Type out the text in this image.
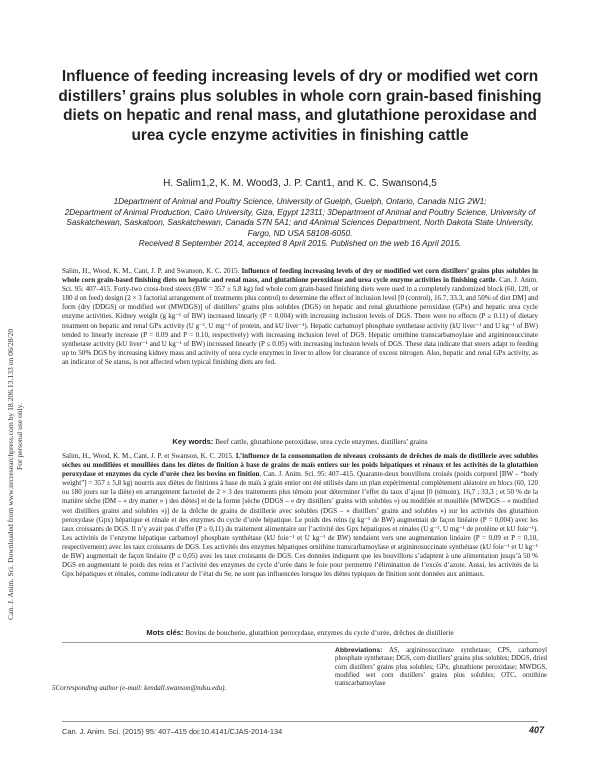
Can. J. Anim. Sci. Downloaded from www.nrcresearchpress.com by 18.206.13.133 on 06/28/20 For personal use only.
Influence of feeding increasing levels of dry or modified wet corn distillers’ grains plus solubles in whole corn grain-based finishing diets on hepatic and renal mass, and glutathione peroxidase and urea cycle enzyme activities in finishing cattle
H. Salim1,2, K. M. Wood3, J. P. Cant1, and K. C. Swanson4,5
1Department of Animal and Poultry Science, University of Guelph, Guelph, Ontario, Canada N1G 2W1;
2Department of Animal Production, Cairo University, Giza, Egypt 12311; 3Department of Animal and Poultry Science, University of Saskatchewan, Saskatoon, Saskatchewan, Canada S7N 5A1; and 4Animal Sciences Department, North Dakota State University, Fargo, ND USA 58108-6050.
Received 8 September 2014, accepted 8 April 2015. Published on the web 16 April 2015.
Salim, H., Wood, K. M., Cant, J. P. and Swanson, K. C. 2015. Influence of feeding increasing levels of dry or modified wet corn distillers’ grains plus solubles in whole corn grain-based finishing diets on hepatic and renal mass, and glutathione peroxidase and urea cycle enzyme activities in finishing cattle. Can. J. Anim. Sci. 95: 407–415. Forty-two cross-bred steers (BW = 357 ± 5.8 kg) fed whole corn grain-based finishing diets were used in a completely randomized block (60, 120, or 180 d on feed) design (2 × 3 factorial arrangement of treatments plus control) to determine the effect of inclusion level [0 (control), 16.7, 33.3, and 50% of diet DM] and form (dry (DDGS) or modified wet (MWDGS)] of distillers’ grains plus solubles (DGS) on hepatic and renal glutathione peroxidase (GPx) and hepatic urea cycle enzyme activities. Kidney weight (g kg⁻¹ of BW) increased linearly (P = 0.004) with increasing inclusion levels of DGS. There were no effects (P ≥ 0.11) of dietary treatment on hepatic and renal GPx activity (U g⁻¹, U mg⁻¹ of protein, and kU liver⁻¹). Hepatic carbamoyl phosphate synthetase activity (kU liver⁻¹ and U kg⁻¹ of BW) tended to linearly increase (P = 0.09 and P = 0.10, respectively) with increasing inclusion level of DGS. Hepatic ornithine transcarbamoylase and argininosuccinate synthetase activity (kU liver⁻¹ and U kg⁻¹ of BW) increased linearly (P ≤ 0.05) with increasing inclusion levels of DGS. These data indicate that steers adapt to feeding up to 50% DGS by increasing kidney mass and activity of urea cycle enzymes in liver to allow for clearance of excess nitrogen. Also, hepatic and renal GPx activity, as an indicator of Se status, is not affected when typical finishing diets are fed.
Key words: Beef cattle, glutathione peroxidase, urea cycle enzymes, distillers’ grains
Salim, H., Wood, K. M., Cant, J. P. et Swanson, K. C. 2015. L’influence de la consommation de niveaux croissants de drêches de maïs de distillerie avec solubles sèches ou modifiées et mouillées dans les diètes de finition à base de grains de maïs entiers sur les poids hépatiques et rénaux et les activités de la glutathion peroxydase et enzymes du cycle d’urée chez les bovins en finition. Can. J. Anim. Sci. 95: 407–415. Quarante-deux bouvillons croisés (poids corporel [BW – “body weight”] = 357 ± 5,8 kg) nourris aux diètes de finitions à base de maïs à grain entier ont été utilisés dans un plan expérimental complètement aléatoire en blocs (60, 120 ou 180 jours sur la diète) en arrangement factoriel de 2 × 3 des traitements plus témoin pour déterminer l’effet du taux d’ajout [0 (témoin), 16,7 ; 33,3 ; et 50 % de la matière sèche (DM – « dry matter » ) des diètes] et de la forme [sèche (DDGS – « dry distillers’ grains with solubles ») ou modifiée et mouillée (MWDGS – « modified wet distillers grains and solubles »)] de la drêche de grains de distillerie avec solubles (DGS – « distillers’ grains and solubles ») sur les activités des glutathion peroxydase (Gpx) hépatique et rénale et des enzymes du cycle d’urée hépatique. Le poids des reins (g kg⁻¹ de BW) augmentait de façon linéaire (P = 0,004) avec les taux croissants de DGS. Il n’y avait pas d’effet (P ≥ 0,11) du traitement alimentaire sur l’activité des Gpx hépatiques et rénales (U g⁻¹, U mg⁻¹ de protéine et kU foie⁻¹). Les activités de l’enzyme hépatique carbamoyl phosphate synthétase (kU foie⁻¹ et U kg⁻¹ de BW) tendaient vers une augmentation linéaire (P = 0,09 et P = 0,10, respectivement) avec les taux croissants de DGS. Les activités des enzymes hépatiques ornithine transcarbamoylase et argininosuccinate synthétase (kU foie⁻¹ et U kg⁻¹ de BW) augmentait de façon linéaire (P ≤ 0,05) avec les taux croissants de DGS. Ces données indiquent que les bouvillons s’adaptent à une alimentation jusqu’à 50 % DGS en augmentant le poids des reins et l’activité des enzymes du cycle d’urée dans le foie pour permettre l’élimination de l’excès d’azote. Aussi, les activités de la Gpx hépatiques et rénales, comme indicateur de l’état du Se, ne sont pas influencées lorsque les diètes typiques de finition sont données aux animaux.
Mots clés: Bovins de boucherie, glutathion peroxydase, enzymes du cycle d’urée, drêches de distillerie
Abbreviations: AS, argininosuccinate synthetase; CPS, carbamoyl phosphate synthetase; DGS, corn distillers’ grains plus solubles; DDGS, dried corn distillers’ grains plus solubles; GPx, glutathione peroxidase; MWDGS, modified wet corn distillers’ grains plus solubles; OTC, ornithine transcarbamoylase
5Corresponding author (e-mail: kendall.swanson@ndsu.edu).
Can. J. Anim. Sci. (2015) 95: 407–415 doi:10.4141/CJAS-2014-134	407
